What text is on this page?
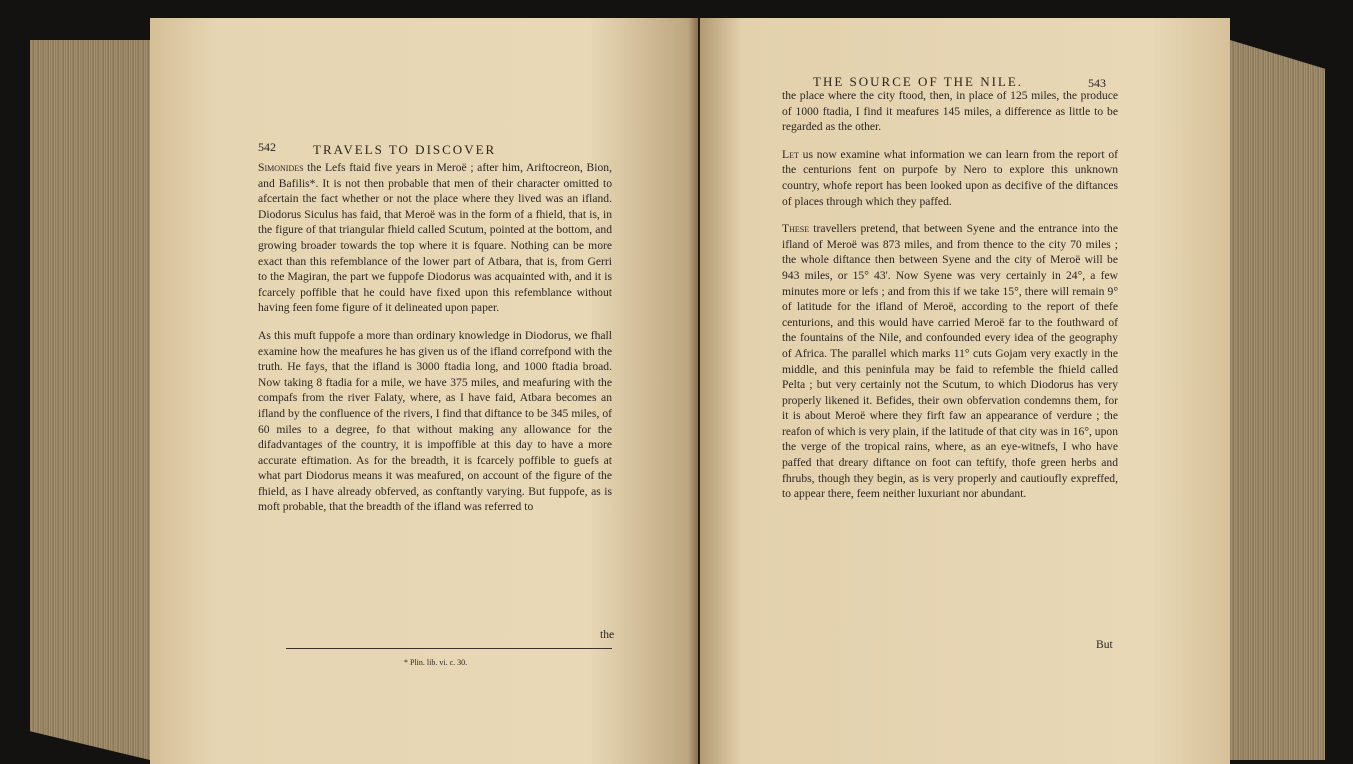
542	TRAVELS TO DISCOVER

Simonides the Lefs ftaid five years in Meroë ; after him, Ariftocreon, Bion, and Bafilis*. It is not then probable that men of their character omitted to afcertain the fact whether or not the place where they lived was an ifland. Diodorus Siculus has faid, that Meroë was in the form of a fhield, that is, in the figure of that triangular fhield called Scutum, pointed at the bottom, and growing broader towards the top where it is fquare. Nothing can be more exact than this refemblance of the lower part of Atbara, that is, from Gerri to the Magiran, the part we fuppofe Diodorus was acquainted with, and it is fcarcely poffible that he could have fixed upon this refemblance without having feen fome figure of it delineated upon paper.

As this muft fuppofe a more than ordinary knowledge in Diodorus, we fhall examine how the meafures he has given us of the ifland correfpond with the truth. He fays, that the ifland is 3000 ftadia long, and 1000 ftadia broad. Now taking 8 ftadia for a mile, we have 375 miles, and meafuring with the compafs from the river Falaty, where, as I have faid, Atbara becomes an ifland by the confluence of the rivers, I find that diftance to be 345 miles, of 60 miles to a degree, fo that without making any allowance for the difadvantages of the country, it is impoffible at this day to have a more accurate eftimation. As for the breadth, it is fcarcely poffible to guefs at what part Diodorus means it was meafured, on account of the figure of the fhield, as I have already obferved, as conftantly varying. But fuppofe, as is moft probable, that the breadth of the ifland was referred to

the
* Plin. lib. vi. c. 30.
THE SOURCE OF THE NILE.	543

the place where the city ftood, then, in place of 125 miles, the produce of 1000 ftadia, I find it meafures 145 miles, a difference as little to be regarded as the other.

Let us now examine what information we can learn from the report of the centurions fent on purpofe by Nero to explore this unknown country, whofe report has been looked upon as decifive of the diftances of places through which they paffed.

These travellers pretend, that between Syene and the entrance into the ifland of Meroë was 873 miles, and from thence to the city 70 miles ; the whole diftance then between Syene and the city of Meroë will be 943 miles, or 15° 43'. Now Syene was very certainly in 24°, a few minutes more or lefs ; and from this if we take 15°, there will remain 9° of latitude for the ifland of Meroë, according to the report of thefe centurions, and this would have carried Meroë far to the fouthward of the fountains of the Nile, and confounded every idea of the geography of Africa. The parallel which marks 11° cuts Gojam very exactly in the middle, and this peninfula may be faid to refemble the fhield called Pelta ; but very certainly not the Scutum, to which Diodorus has very properly likened it. Befides, their own obfervation condemns them, for it is about Meroë where they firft faw an appearance of verdure ; the reafon of which is very plain, if the latitude of that city was in 16°, upon the verge of the tropical rains, where, as an eye-witnefs, I who have paffed that dreary diftance on foot can teftify, thofe green herbs and fhrubs, though they begin, as is very properly and cautioufly expreffed, to appear there, feem neither luxuriant nor abundant.

But
